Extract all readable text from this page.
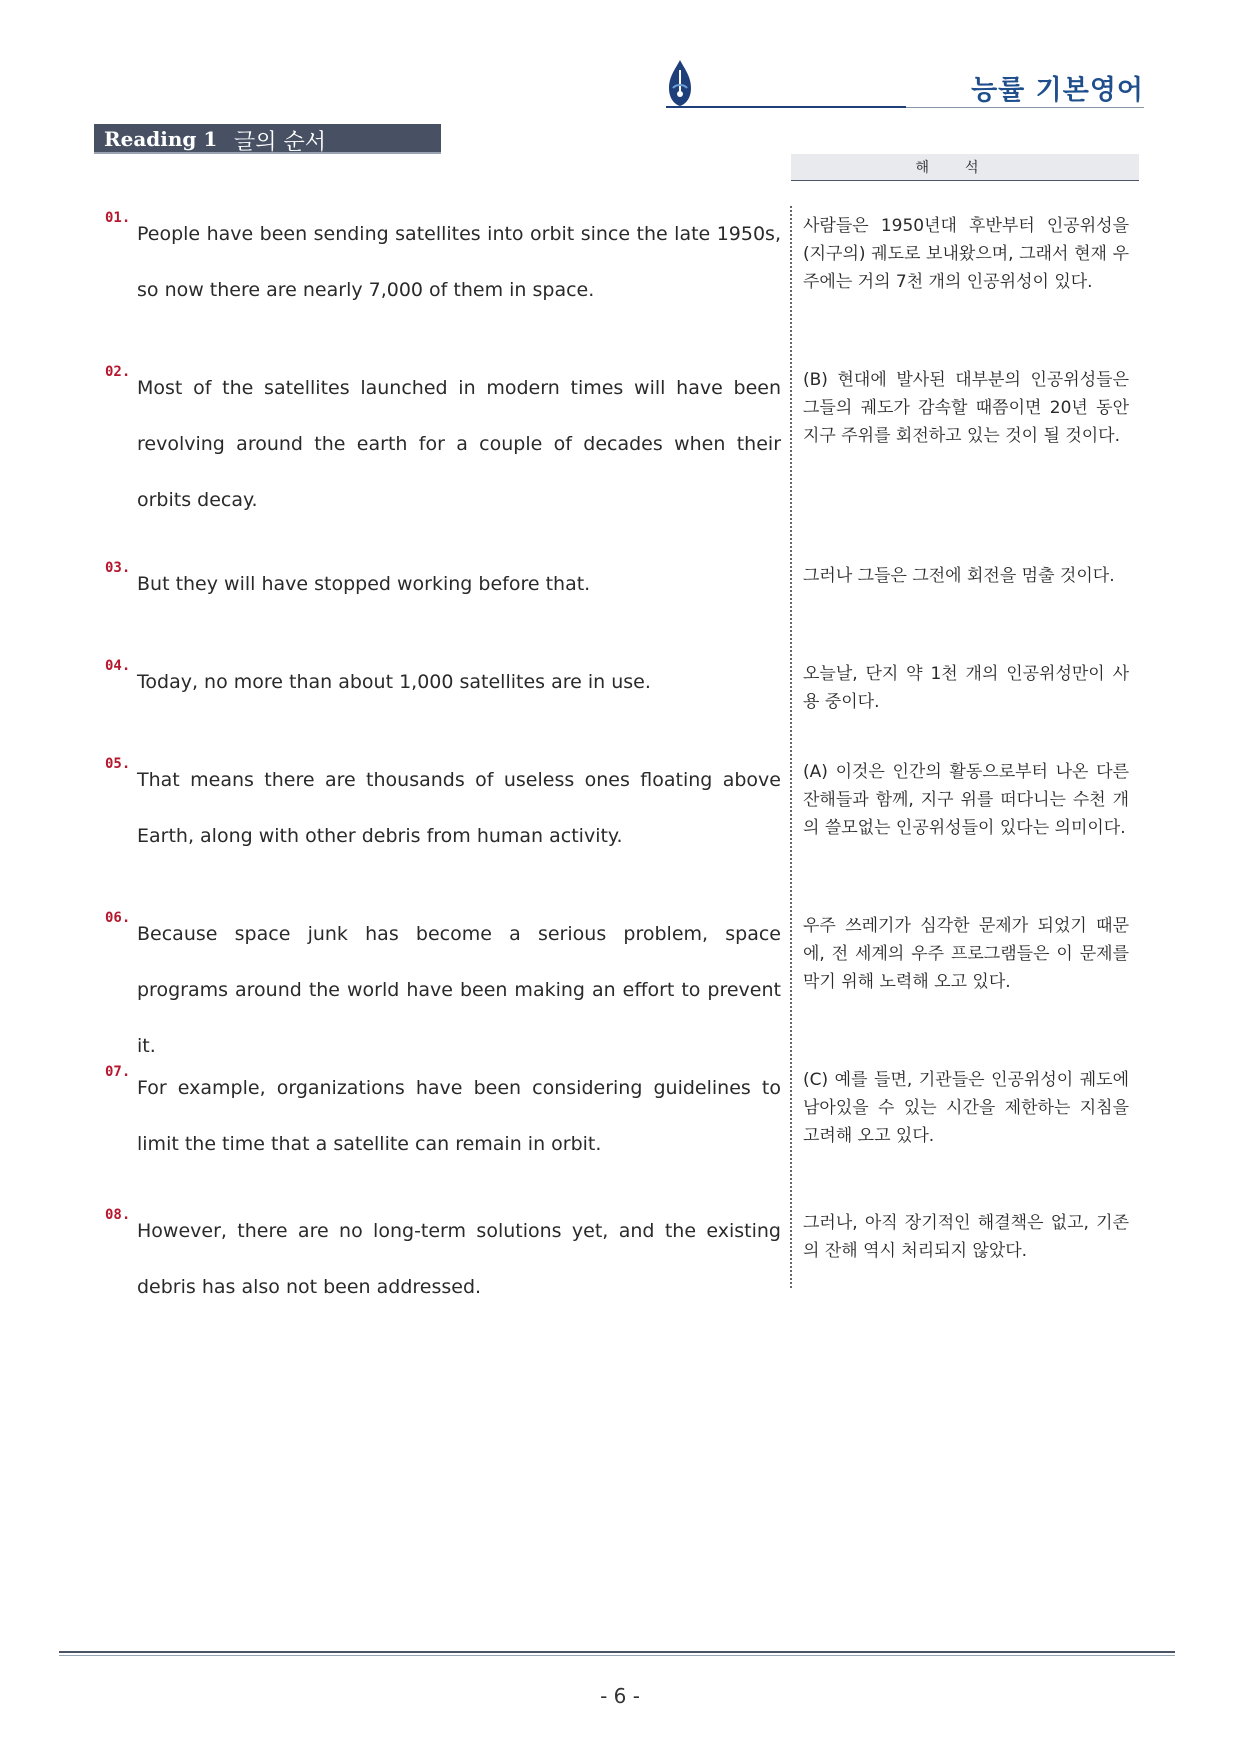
능률 기본영어
Reading 1 글의 순서
해석
01.

People have been sending satellites into orbit since the late 1950s, so now there are nearly 7,000 of them in space.

사람들은 1950년대 후반부터 인공위성을 (지구의) 궤도로 보내왔으며, 그래서 현재 우주에는 거의 7천 개의 인공위성이 있다.

02.

Most of the satellites launched in modern times will have been revolving around the earth for a couple of decades when their orbits decay.

(B) 현대에 발사된 대부분의 인공위성들은 그들의 궤도가 감속할 때쯤이면 20년 동안 지구 주위를 회전하고 있는 것이 될 것이다.

03.

But they will have stopped working before that.	그러나 그들은 그전에 회전을 멈출 것이다.

04.

Today, no more than about 1,000 satellites are in use.	오늘날, 단지 약 1천 개의 인공위성만이 사용 중이다.

05.

That means there are thousands of useless ones floating above Earth, along with other debris from human activity.

(A) 이것은 인간의 활동으로부터 나온 다른 잔해들과 함께, 지구 위를 떠다니는 수천 개의 쓸모없는 인공위성들이 있다는 의미이다.

06.

Because space junk has become a serious problem, space programs around the world have been making an effort to prevent it.

우주 쓰레기가 심각한 문제가 되었기 때문에, 전 세계의 우주 프로그램들은 이 문제를 막기 위해 노력해 오고 있다.

07.

For example, organizations have been considering guidelines to limit the time that a satellite can remain in orbit.

(C) 예를 들면, 기관들은 인공위성이 궤도에 남아있을 수 있는 시간을 제한하는 지침을 고려해 오고 있다.

08.

However, there are no long-term solutions yet, and the existing debris has also not been addressed.

그러나, 아직 장기적인 해결책은 없고, 기존의 잔해 역시 처리되지 않았다.

- 6 -
